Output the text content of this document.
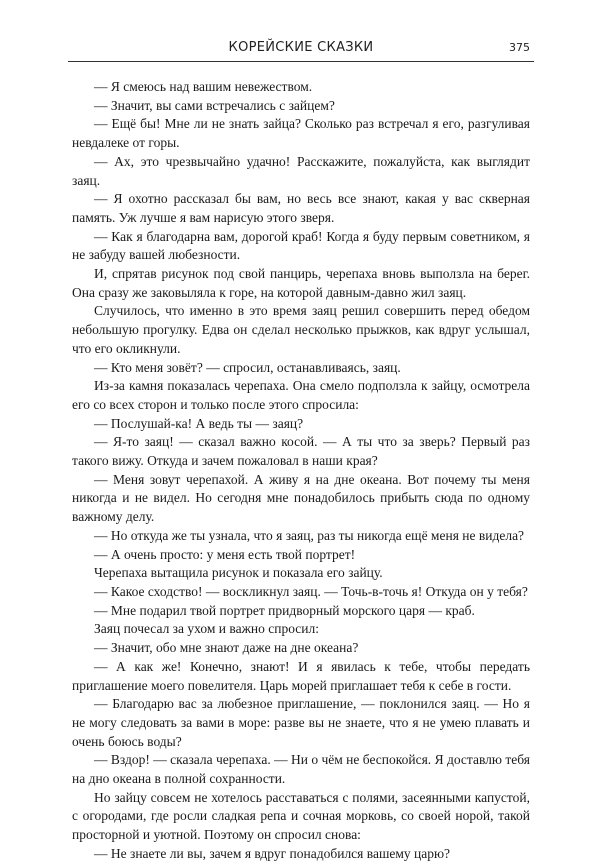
КОРЕЙСКИЕ СКАЗКИ	375

— Я смеюсь над вашим невежеством.

— Значит, вы сами встречались с зайцем?

— Ещё бы! Мне ли не знать зайца? Сколько раз встречал я его, разгуливая невдалеке от горы.

— Ах, это чрезвычайно удачно! Расскажите, пожалуйста, как выглядит заяц.

— Я охотно рассказал бы вам, но весь все знают, какая у вас скверная память. Уж лучше я вам нарисую этого зверя.

— Как я благодарна вам, дорогой краб! Когда я буду первым советником, я не забуду вашей любезности.

И, спрятав рисунок под свой панцирь, черепаха вновь выползла на берег. Она сразу же заковыляла к горе, на которой давным-давно жил заяц.

Случилось, что именно в это время заяц решил совершить перед обедом небольшую прогулку. Едва он сделал несколько прыжков, как вдруг услышал, что его окликнули.

— Кто меня зовёт? — спросил, останавливаясь, заяц.

Из-за камня показалась черепаха. Она смело подползла к зайцу, осмотрела его со всех сторон и только после этого спросила:

— Послушай-ка! А ведь ты — заяц?

— Я-то заяц! — сказал важно косой. — А ты что за зверь? Первый раз такого вижу. Откуда и зачем пожаловал в наши края?

— Меня зовут черепахой. А живу я на дне океана. Вот почему ты меня никогда и не видел. Но сегодня мне понадобилось прибыть сюда по одному важному делу.

— Но откуда же ты узнала, что я заяц, раз ты никогда ещё меня не видела?

— А очень просто: у меня есть твой портрет!

Черепаха вытащила рисунок и показала его зайцу.

— Какое сходство! — воскликнул заяц. — Точь-в-точь я! Откуда он у тебя?

— Мне подарил твой портрет придворный морского царя — краб.

Заяц почесал за ухом и важно спросил:

— Значит, обо мне знают даже на дне океана?

— А как же! Конечно, знают! И я явилась к тебе, чтобы передать приглашение моего повелителя. Царь морей приглашает тебя к себе в гости.

— Благодарю вас за любезное приглашение, — поклонился заяц. — Но я не могу следовать за вами в море: разве вы не знаете, что я не умею плавать и очень боюсь воды?

— Вздор! — сказала черепаха. — Ни о чём не беспокойся. Я доставлю тебя на дно океана в полной сохранности.

Но зайцу совсем не хотелось расставаться с полями, засеянными капустой, с огородами, где росли сладкая репа и сочная морковь, со своей норой, такой просторной и уютной. Поэтому он спросил снова:

— Не знаете ли вы, зачем я вдруг понадобился вашему царю?
